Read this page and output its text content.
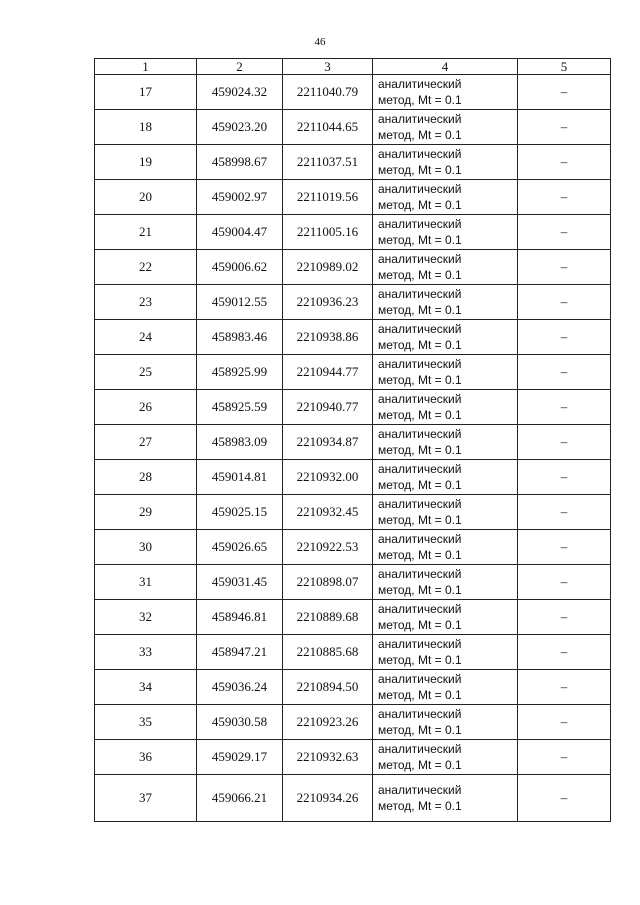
46
1	2	3	4	5
17	459024.32	2211040.79	аналитический
метод, Mt = 0.1	–
18	459023.20	2211044.65	аналитический
метод, Mt = 0.1	–
19	458998.67	2211037.51	аналитический
метод, Mt = 0.1	–
20	459002.97	2211019.56	аналитический
метод, Mt = 0.1	–
21	459004.47	2211005.16	аналитический
метод, Mt = 0.1	–
22	459006.62	2210989.02	аналитический
метод, Mt = 0.1	–
23	459012.55	2210936.23	аналитический
метод, Mt = 0.1	–
24	458983.46	2210938.86	аналитический
метод, Mt = 0.1	–
25	458925.99	2210944.77	аналитический
метод, Mt = 0.1	–
26	458925.59	2210940.77	аналитический
метод, Mt = 0.1	–
27	458983.09	2210934.87	аналитический
метод, Mt = 0.1	–
28	459014.81	2210932.00	аналитический
метод, Mt = 0.1	–
29	459025.15	2210932.45	аналитический
метод, Mt = 0.1	–
30	459026.65	2210922.53	аналитический
метод, Mt = 0.1	–
31	459031.45	2210898.07	аналитический
метод, Mt = 0.1	–
32	458946.81	2210889.68	аналитический
метод, Mt = 0.1	–
33	458947.21	2210885.68	аналитический
метод, Mt = 0.1	–
34	459036.24	2210894.50	аналитический
метод, Mt = 0.1	–
35	459030.58	2210923.26	аналитический
метод, Mt = 0.1	–
36	459029.17	2210932.63	аналитический
метод, Mt = 0.1	–
37	459066.21	2210934.26	аналитический
метод, Mt = 0.1	–
